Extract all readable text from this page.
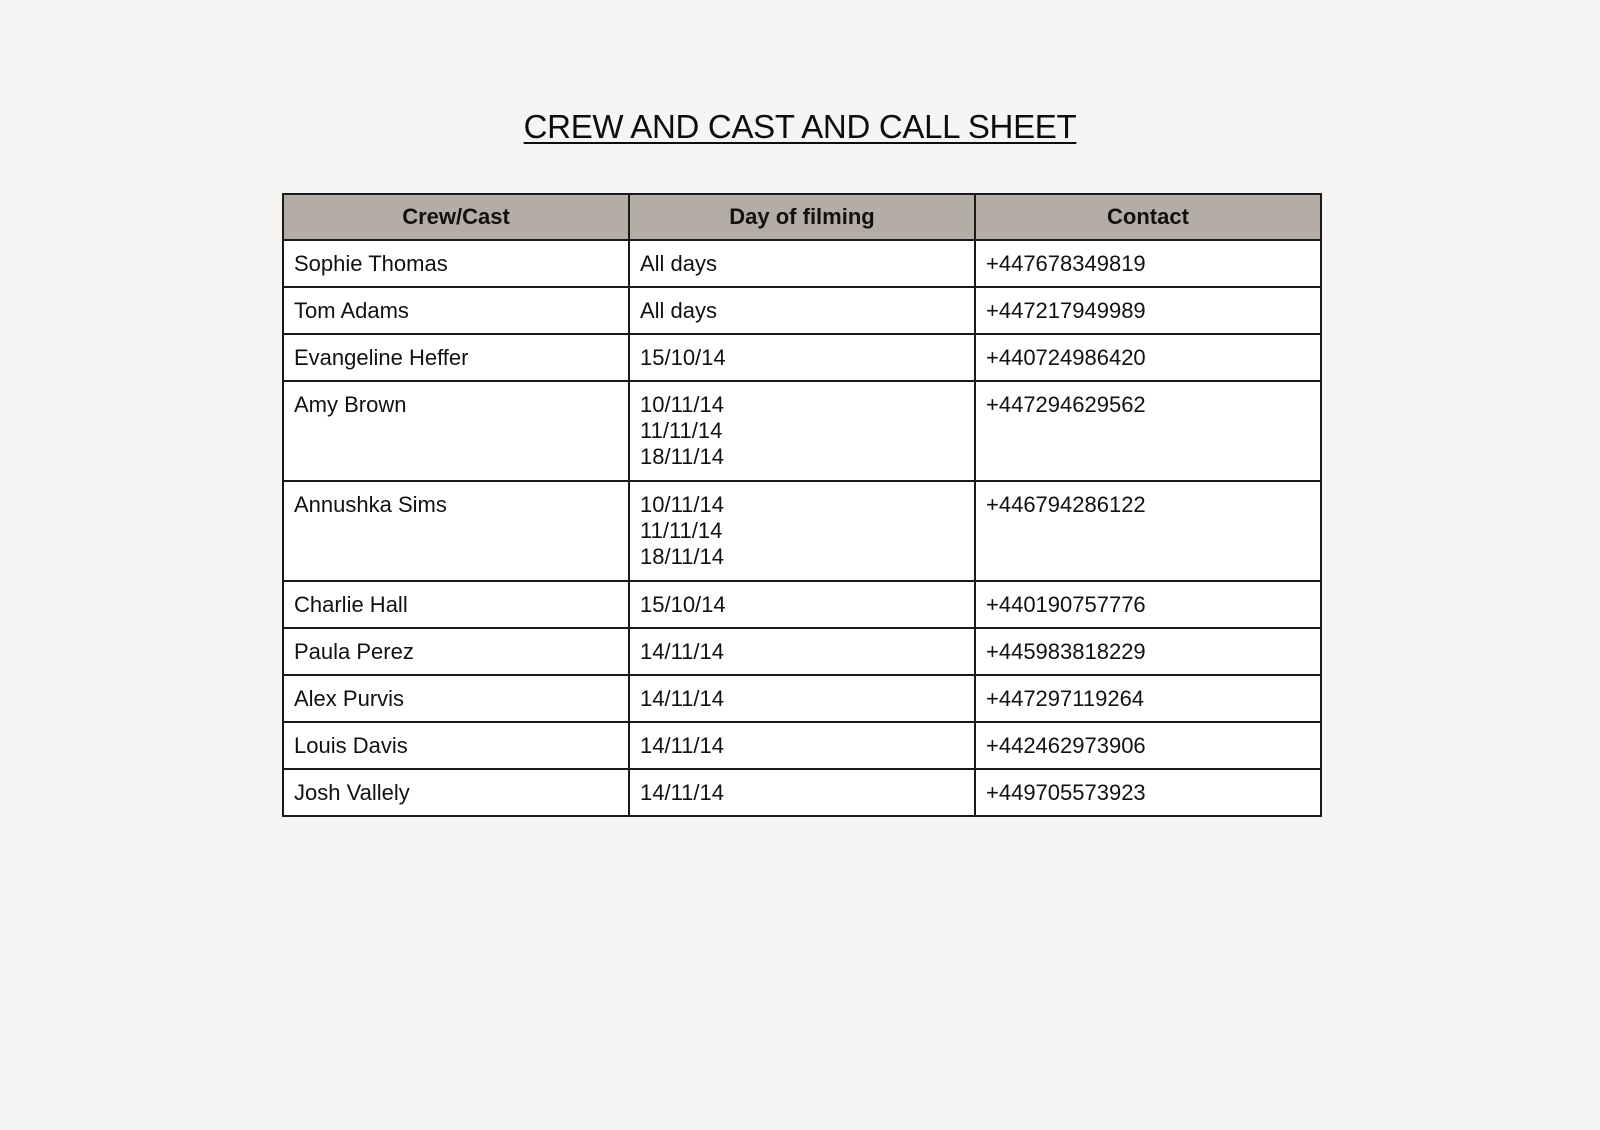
CREW AND CAST AND CALL SHEET
Crew/Cast	Day of filming	Contact
Sophie Thomas	All days	+447678349819
Tom Adams	All days	+447217949989
Evangeline Heffer	15/10/14	+440724986420
Amy Brown	10/11/14
11/11/14
18/11/14	+447294629562
Annushka Sims	10/11/14
11/11/14
18/11/14	+446794286122
Charlie Hall	15/10/14	+440190757776
Paula Perez	14/11/14	+445983818229
Alex Purvis	14/11/14	+447297119264
Louis Davis	14/11/14	+442462973906
Josh Vallely	14/11/14	+449705573923
